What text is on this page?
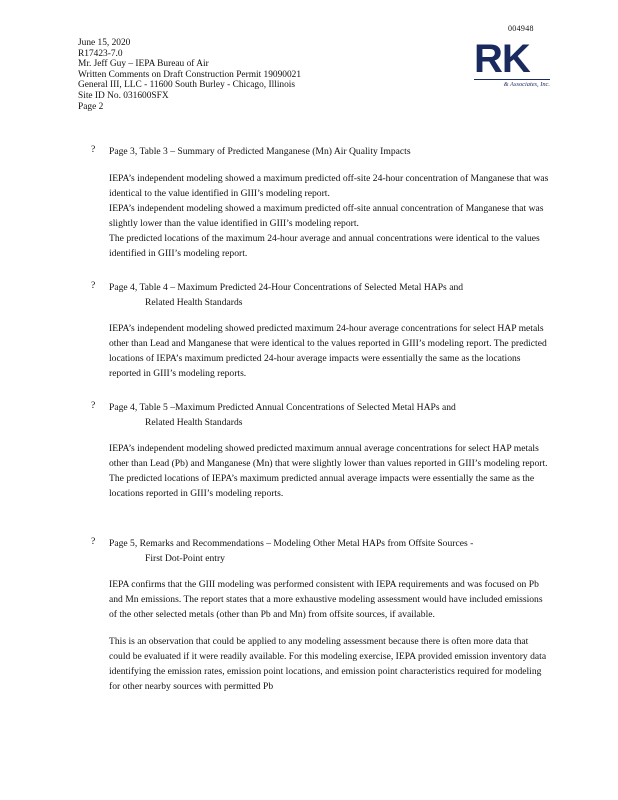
004948
June 15, 2020
R17423-7.0
Mr. Jeff Guy – IEPA Bureau of Air
Written Comments on Draft Construction Permit 19090021
General III, LLC - 11600 South Burley - Chicago, Illinois
Site ID No. 031600SFX
Page 2
RK
& Associates, Inc.
? Page 3, Table 3 – Summary of Predicted Manganese (Mn) Air Quality Impacts

IEPA’s independent modeling showed a maximum predicted off-site 24-hour concentration of Manganese that was identical to the value identified in GIII’s modeling report.

IEPA’s independent modeling showed a maximum predicted off-site annual concentration of Manganese that was slightly lower than the value identified in GIII’s modeling report.

The predicted locations of the maximum 24-hour average and annual concentrations were identical to the values identified in GIII’s modeling report.

? Page 4, Table 4 – Maximum Predicted 24-Hour Concentrations of Selected Metal HAPs and
Related Health Standards

IEPA’s independent modeling showed predicted maximum 24-hour average concentrations for select HAP metals other than Lead and Manganese that were identical to the values reported in GIII’s modeling report. The predicted locations of IEPA’s maximum predicted 24-hour average impacts were essentially the same as the locations reported in GIII’s modeling reports.

? Page 4, Table 5 –Maximum Predicted Annual Concentrations of Selected Metal HAPs and
Related Health Standards

IEPA’s independent modeling showed predicted maximum annual average concentrations for select HAP metals other than Lead (Pb) and Manganese (Mn) that were slightly lower than values reported in GIII’s modeling report. The predicted locations of IEPA’s maximum predicted annual average impacts were essentially the same as the locations reported in GIII’s modeling reports.

? Page 5, Remarks and Recommendations – Modeling Other Metal HAPs from Offsite Sources -
First Dot-Point entry

IEPA confirms that the GIII modeling was performed consistent with IEPA requirements and was focused on Pb and Mn emissions. The report states that a more exhaustive modeling assessment would have included emissions of the other selected metals (other than Pb and Mn) from offsite sources, if available.

This is an observation that could be applied to any modeling assessment because there is often more data that could be evaluated if it were readily available. For this modeling exercise, IEPA provided emission inventory data identifying the emission rates, emission point locations, and emission point characteristics required for modeling for other nearby sources with permitted Pb
